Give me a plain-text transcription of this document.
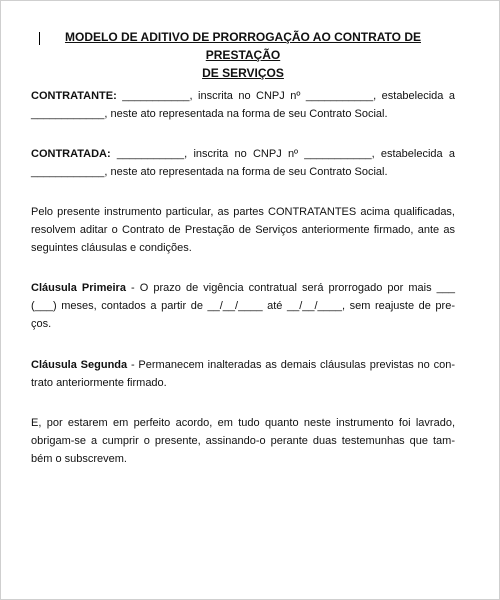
MODELO DE ADITIVO DE PRORROGAÇÃO AO CONTRATO DE PRESTAÇÃO
DE SERVIÇOS
CONTRATANTE: ___________, inscrita no CNPJ nº ___________, estabelecida a
____________, neste ato representada na forma de seu Contrato Social.
CONTRATADA: ___________, inscrita no CNPJ nº ___________, estabelecida a
____________, neste ato representada na forma de seu Contrato Social.
Pelo presente instrumento particular, as partes CONTRATANTES acima qualificadas,
resolvem aditar o Contrato de Prestação de Serviços anteriormente firmado, ante as
seguintes cláusulas e condições.
Cláusula Primeira - O prazo de vigência contratual será prorrogado por mais ___
(___) meses, contados a partir de __/__/____ até __/__/____, sem reajuste de pre-
ços.
Cláusula Segunda - Permanecem inalteradas as demais cláusulas previstas no con-
trato anteriormente firmado.
E, por estarem em perfeito acordo, em tudo quanto neste instrumento foi lavrado,
obrigam-se a cumprir o presente, assinando-o perante duas testemunhas que tam-
bém o subscrevem.
